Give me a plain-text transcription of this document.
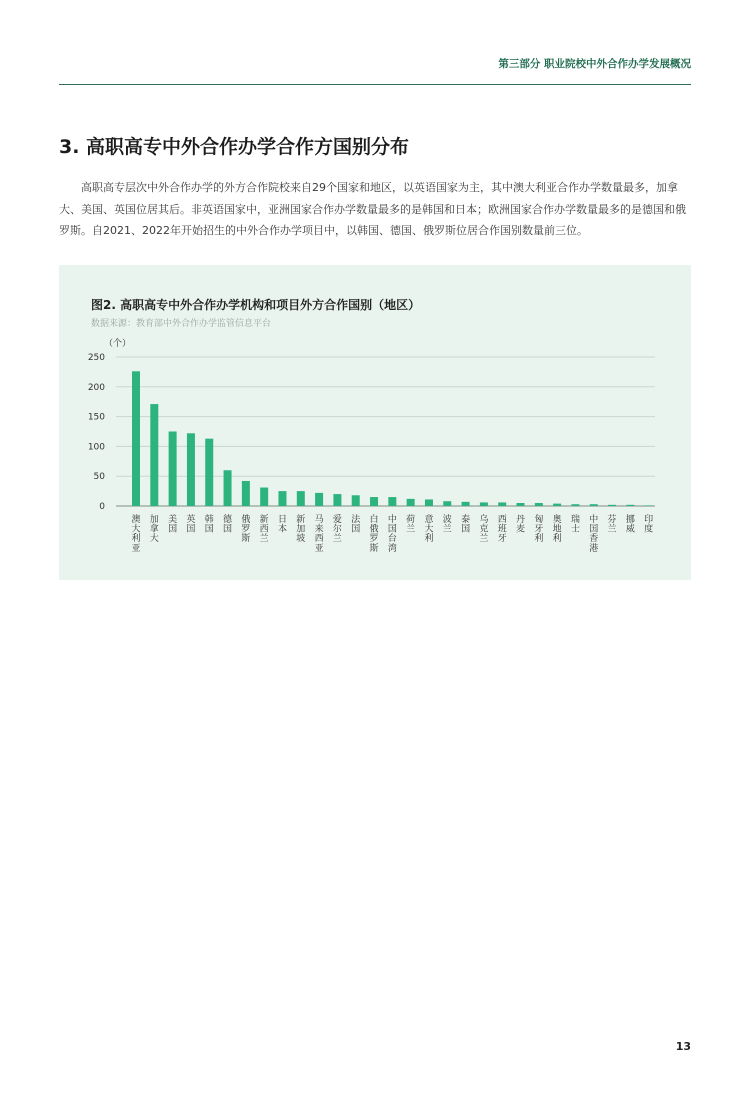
第三部分 职业院校中外合作办学发展概况
3. 高职高专中外合作办学合作方国别分布

高职高专层次中外合作办学的外方合作院校来自29个国家和地区，以英语国家为主，其中澳大利亚合作办学数量最多，加拿大、美国、英国位居其后。非英语国家中，亚洲国家合作办学数量最多的是韩国和日本；欧洲国家合作办学数量最多的是德国和俄罗斯。自2021、2022年开始招生的中外合作办学项目中，以韩国、德国、俄罗斯位居合作国别数量前三位。

图2. 高职高专中外合作办学机构和项目外方合作国别（地区）
数据来源：教育部中外合作办学监管信息平台
0
50
100
150
200
250
（个）
澳大利亚
加拿大
美国
英国
韩国
德国
俄罗斯
新西兰
日本
新加坡
马来西亚
爱尔兰
法国
白俄罗斯
中国台湾
荷兰
意大利
波兰
泰国
乌克兰
西班牙
丹麦
匈牙利
奥地利
瑞士
中国香港
芬兰
挪威
印度
13
